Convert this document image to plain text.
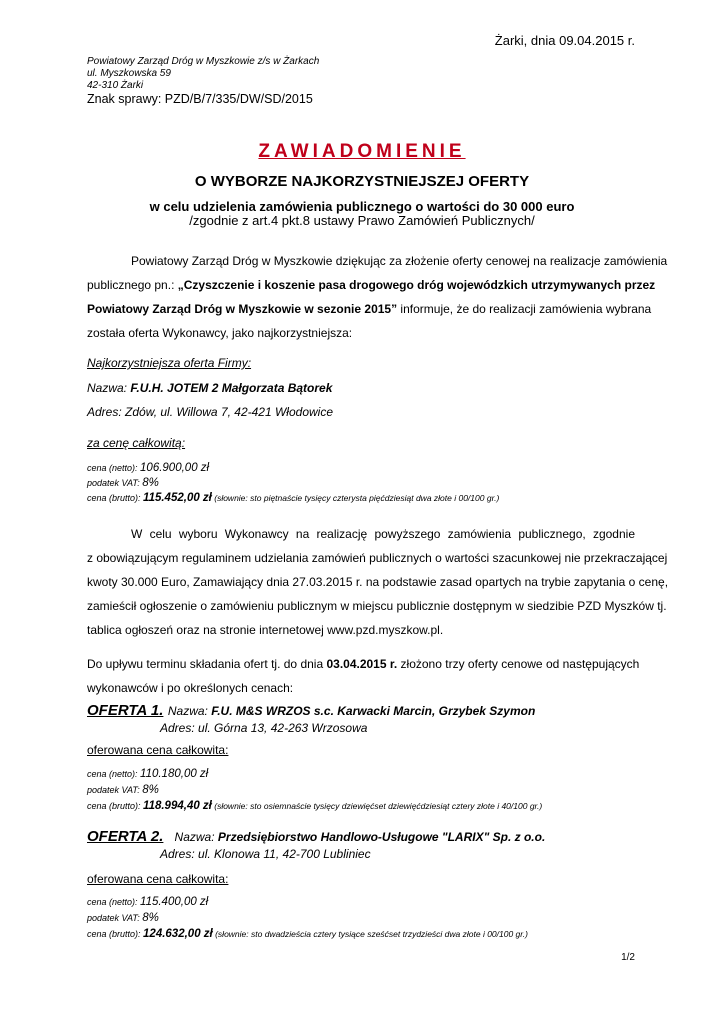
Żarki, dnia 09.04.2015 r.
Powiatowy Zarząd Dróg w Myszkowie z/s w Żarkach
ul. Myszkowska 59
42-310 Żarki
Znak sprawy: PZD/B/7/335/DW/SD/2015
ZAWIADOMIENIE
O WYBORZE NAJKORZYSTNIEJSZEJ OFERTY
w celu udzielenia zamówienia publicznego o wartości do 30 000 euro
/zgodnie z art.4 pkt.8 ustawy Prawo Zamówień Publicznych/
Powiatowy Zarząd Dróg w Myszkowie dziękując za złożenie oferty cenowej na realizacje zamówienia
publicznego pn.: „Czyszczenie i koszenie pasa drogowego dróg wojewódzkich utrzymywanych przez
Powiatowy Zarząd Dróg w Myszkowie w sezonie 2015” informuje, że do realizacji zamówienia wybrana
została oferta Wykonawcy, jako najkorzystniejsza:
Najkorzystniejsza oferta Firmy:
Nazwa: F.U.H. JOTEM 2 Małgorzata Bątorek
Adres: Zdów, ul. Willowa 7, 42-421 Włodowice
za cenę całkowitą:
cena (netto): 106.900,00 zł
podatek VAT: 8%
cena (brutto): 115.452,00 zł (słownie: sto piętnaście tysięcy czterysta pięćdziesiąt dwa złote i 00/100 gr.)
W celu wyboru Wykonawcy na realizację powyższego zamówienia publicznego, zgodnie
z obowiązującym regulaminem udzielania zamówień publicznych o wartości szacunkowej nie przekraczającej
kwoty 30.000 Euro, Zamawiający dnia 27.03.2015 r. na podstawie zasad opartych na trybie zapytania o cenę,
zamieścił ogłoszenie o zamówieniu publicznym w miejscu publicznie dostępnym w siedzibie PZD Myszków tj.
tablica ogłoszeń oraz na stronie internetowej www.pzd.myszkow.pl.
Do upływu terminu składania ofert tj. do dnia 03.04.2015 r. złożono trzy oferty cenowe od następujących
wykonawców i po określonych cenach:
OFERTA 1. Nazwa: F.U. M&S WRZOS s.c. Karwacki Marcin, Grzybek Szymon
Adres: ul. Górna 13, 42-263 Wrzosowa
oferowana cena całkowita:
cena (netto): 110.180,00 zł
podatek VAT: 8%
cena (brutto): 118.994,40 zł (słownie: sto osiemnaście tysięcy dziewięćset dziewięćdziesiąt cztery złote i 40/100 gr.)
OFERTA 2. Nazwa: Przedsiębiorstwo Handlowo-Usługowe "LARIX" Sp. z o.o.
Adres: ul. Klonowa 11, 42-700 Lubliniec
oferowana cena całkowita:
cena (netto): 115.400,00 zł
podatek VAT: 8%
cena (brutto): 124.632,00 zł (słownie: sto dwadzieścia cztery tysiące sześćset trzydzieści dwa złote i 00/100 gr.)
1/2
